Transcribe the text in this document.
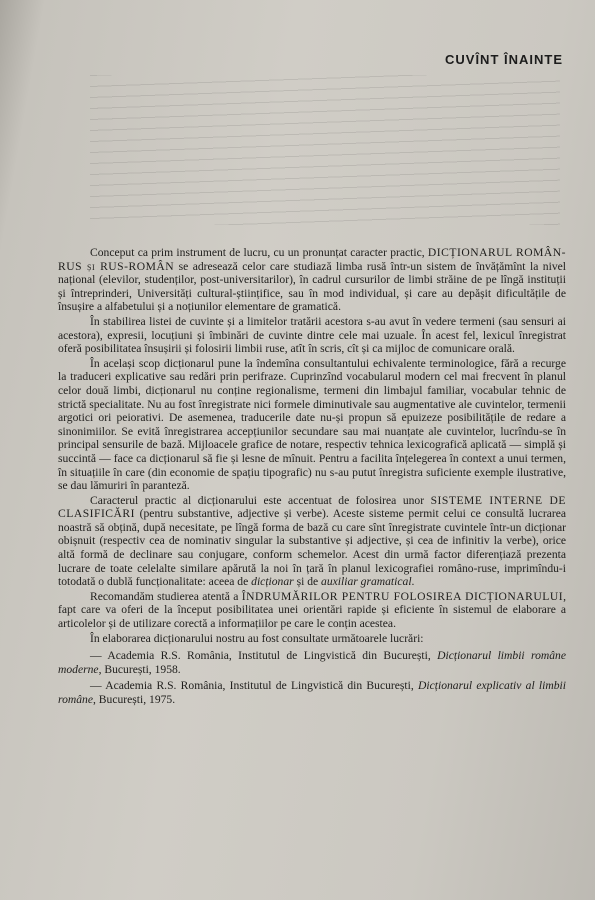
CUVÎNT ÎNAINTE

Conceput ca prim instrument de lucru, cu un pronunțat caracter practic, DICȚIONARUL ROMÂN-RUS și RUS-ROMÂN se adresează celor care studiază limba rusă într-un sistem de învățămînt la nivel național (elevilor, studenților, post-universitarilor), în cadrul cursurilor de limbi străine de pe lîngă instituții și întreprinderi, Universități cultural-științifice, sau în mod individual, și care au depășit dificultățile de însușire a alfabetului și a noțiunilor elementare de gramatică.

În stabilirea listei de cuvinte și a limitelor tratării acestora s-au avut în vedere termeni (sau sensuri ai acestora), expresii, locuțiuni și îmbinări de cuvinte dintre cele mai uzuale. În acest fel, lexicul înregistrat oferă posibilitatea însușirii și folosirii limbii ruse, atît în scris, cît și ca mijloc de comunicare orală.

În același scop dicționarul pune la îndemîna consultantului echivalente terminologice, fără a recurge la traduceri explicative sau redări prin perifraze. Cuprinzînd vocabularul modern cel mai frecvent în planul celor două limbi, dicționarul nu conține regionalisme, termeni din limbajul familiar, vocabular tehnic de strictă specialitate. Nu au fost înregistrate nici formele diminutivale sau augmentative ale cuvintelor, termenii argotici ori peiorativi. De asemenea, traducerile date nu-și propun să epuizeze posibilitățile de redare a sinonimiilor. Se evită înregistrarea accepțiunilor secundare sau mai nuanțate ale cuvintelor, lucrîndu-se în principal sensurile de bază. Mijloacele grafice de notare, respectiv tehnica lexicografică aplicată — simplă și succintă — face ca dicționarul să fie și lesne de mînuit. Pentru a facilita înțelegerea în context a unui termen, în situațiile în care (din economie de spațiu tipografic) nu s-au putut înregistra suficiente exemple ilustrative, se dau lămuriri în paranteză.

Caracterul practic al dicționarului este accentuat de folosirea unor SISTEME INTERNE DE CLASIFICĂRI (pentru substantive, adjective și verbe). Aceste sisteme permit celui ce consultă lucrarea noastră să obțină, după necesitate, pe lîngă forma de bază cu care sînt înregistrate cuvintele într-un dicționar obișnuit (respectiv cea de nominativ singular la substantive și adjective, și cea de infinitiv la verbe), orice altă formă de declinare sau conjugare, conform schemelor. Acest din urmă factor diferențiază prezenta lucrare de toate celelalte similare apărută la noi în țară în planul lexicografiei româno-ruse, imprimîndu-i totodată o dublă funcționalitate: aceea de dicționar și de auxiliar gramatical.

Recomandăm studierea atentă a ÎNDRUMĂRILOR PENTRU FOLOSIREA DICȚIONARULUI, fapt care va oferi de la început posibilitatea unei orientări rapide și eficiente în sistemul de elaborare a articolelor și de utilizare corectă a informațiilor pe care le conțin acestea.

În elaborarea dicționarului nostru au fost consultate următoarele lucrări:

— Academia R.S. România, Institutul de Lingvistică din București, Dicționarul limbii române moderne, București, 1958.

— Academia R.S. România, Institutul de Lingvistică din București, Dicționarul explicativ al limbii române, București, 1975.
